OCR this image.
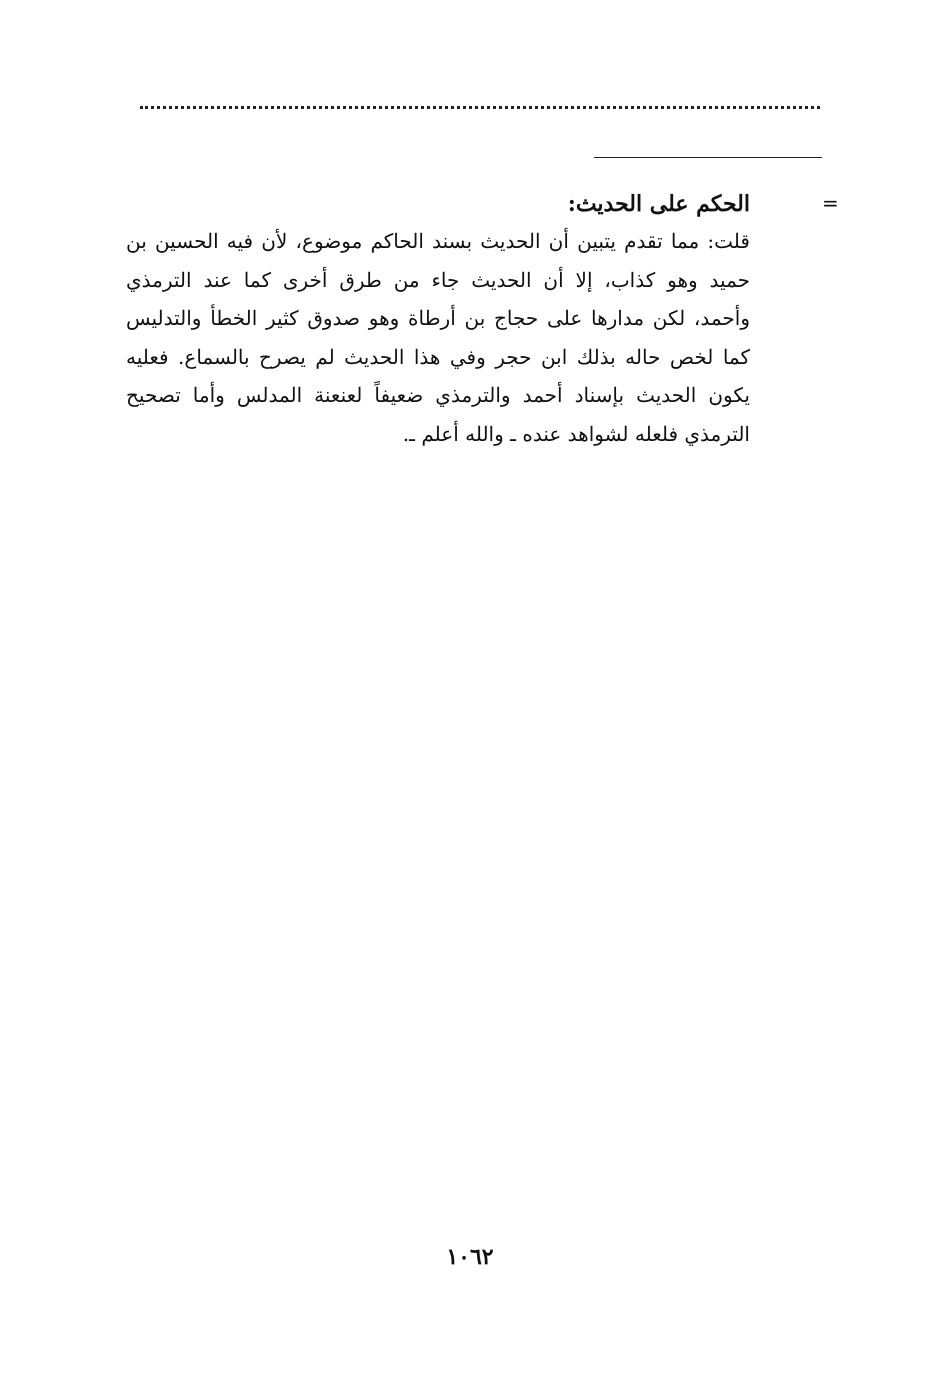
=

الحكم على الحديث:

قلت: مما تقدم يتبين أن الحديث بسند الحاكم موضوع، لأن فيه الحسين بن

حميد وهو كذاب، إلا أن الحديث جاء من طرق أخرى كما عند الترمذي

وأحمد، لكن مدارها على حجاج بن أرطاة وهو صدوق كثير الخطأ والتدليس

كما لخص حاله بذلك ابن حجر وفي هذا الحديث لم يصرح بالسماع. فعليه

يكون الحديث بإسناد أحمد والترمذي ضعيفاً لعنعنة المدلس وأما تصحيح

الترمذي فلعله لشواهد عنده ـ والله أعلم ـ.

١٠٦٢
